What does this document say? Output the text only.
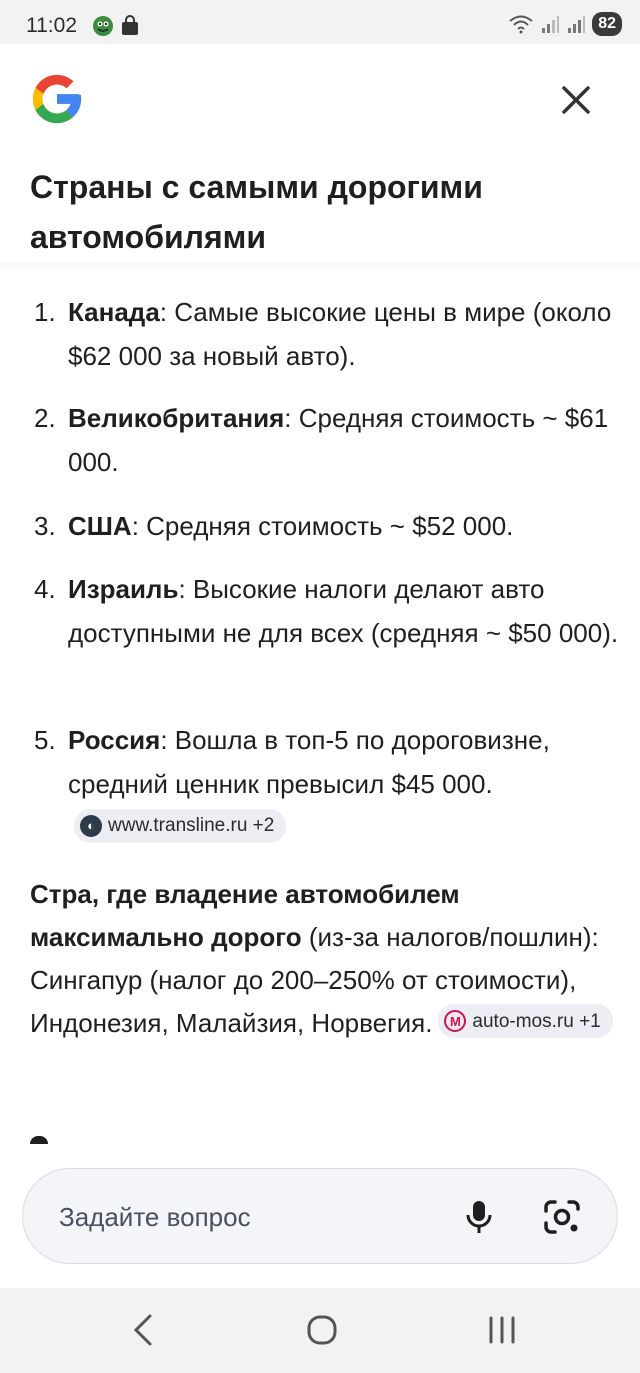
11:02	82
Страны с самыми дорогими автомобилями
1. Канада: Самые высокие цены в мире (около $62 000 за новый авто).
2. Великобритания: Средняя стоимость ~ $61 000.
3. США: Средняя стоимость ~ $52 000.
4. Израиль: Высокие налоги делают авто доступными не для всех (средняя ~ $50 000).
5. Россия: Вошла в топ-5 по дороговизне, средний ценник превысил $45 000.
◐ www.transline.ru +2

Стра, где владение автомобилем максимально дорого (из-за налогов/пошлин): Сингапур (налог до 200–250% от стоимости), Индонезия, Малайзия, Норвегия.	M auto-mos.ru +1

Задайте вопрос
